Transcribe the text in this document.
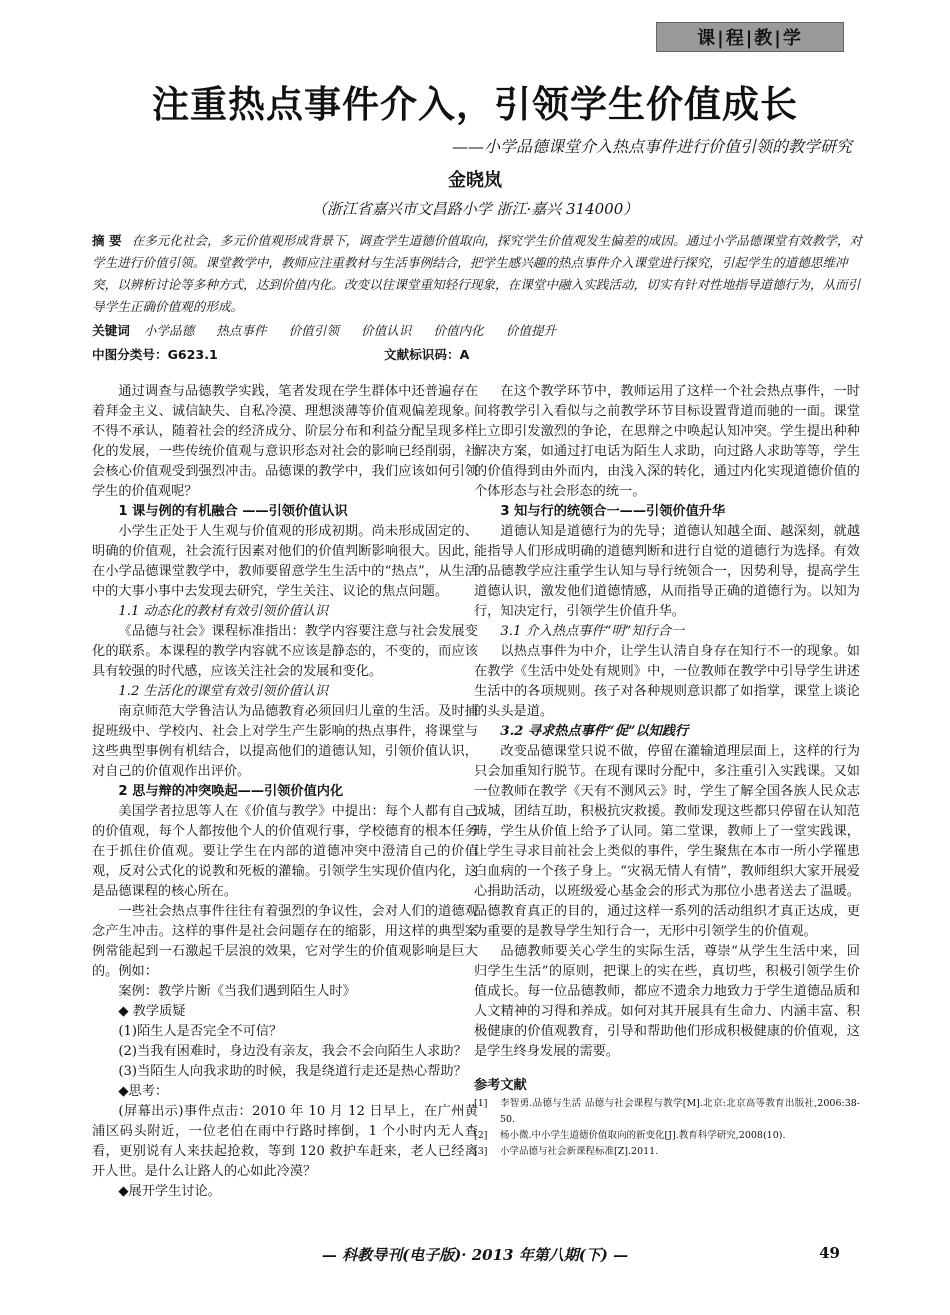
课|程|教|学
注重热点事件介入，引领学生价值成长
——小学品德课堂介入热点事件进行价值引领的教学研究
金晓岚
（浙江省嘉兴市文昌路小学 浙江·嘉兴 314000）
摘 要 在多元化社会，多元价值观形成背景下，调查学生道德价值取向，探究学生价值观发生偏差的成因。通过小学品德课堂有效教学，对学生进行价值引领。课堂教学中，教师应注重教材与生活事例结合，把学生感兴趣的热点事件介入课堂进行探究，引起学生的道德思维冲突，以辨析讨论等多种方式，达到价值内化。改变以往课堂重知轻行现象，在课堂中融入实践活动，切实有针对性地指导道德行为，从而引导学生正确价值观的形成。
关键词 小学品德 热点事件 价值引领 价值认识 价值内化 价值提升
中图分类号：G623.1	文献标识码：A

通过调查与品德教学实践，笔者发现在学生群体中还普遍存在着拜金主义、诚信缺失、自私冷漠、理想淡薄等价值观偏差现象。不得不承认，随着社会的经济成分、阶层分布和利益分配呈现多样化的发展，一些传统价值观与意识形态对社会的影响已经削弱，社会核心价值观受到强烈冲击。品德课的教学中，我们应该如何引领学生的价值观呢？

1 课与例的有机融合 ——引领价值认识

小学生正处于人生观与价值观的形成初期。尚未形成固定的、明确的价值观，社会流行因素对他们的价值判断影响很大。因此，在小学品德课堂教学中，教师要留意学生生活中的“热点”，从生活中的大事小事中去发现去研究，学生关注、议论的焦点问题。

1.1 动态化的教材有效引领价值认识

《品德与社会》课程标准指出：教学内容要注意与社会发展变化的联系。本课程的教学内容就不应该是静态的，不变的，而应该具有较强的时代感，应该关注社会的发展和变化。

1.2 生活化的课堂有效引领价值认识

南京师范大学鲁洁认为品德教育必须回归儿童的生活。及时捕捉班级中、学校内、社会上对学生产生影响的热点事件，将课堂与这些典型事例有机结合，以提高他们的道德认知，引领价值认识，对自己的价值观作出评价。

2 思与辩的冲突唤起——引领价值内化

美国学者拉思等人在《价值与教学》中提出：每个人都有自己的价值观，每个人都按他个人的价值观行事，学校德育的根本任务在于抓住价值观。要让学生在内部的道德冲突中澄清自己的价值观，反对公式化的说教和死板的灌输。引领学生实现价值内化，这是品德课程的核心所在。

一些社会热点事件往往有着强烈的争议性，会对人们的道德观念产生冲击。这样的事件是社会问题存在的缩影，用这样的典型案例常能起到一石激起千层浪的效果，它对学生的价值观影响是巨大的。例如：

案例：教学片断《当我们遇到陌生人时》

◆ 教学质疑

(1)陌生人是否完全不可信？

(2)当我有困难时，身边没有亲友，我会不会向陌生人求助？

(3)当陌生人向我求助的时候，我是绕道行走还是热心帮助？

◆思考：

(屏幕出示)事件点击：2010 年 10 月 12 日早上，在广州黄浦区码头附近，一位老伯在雨中行路时摔倒，1 个小时内无人查看，更别说有人来扶起抢救，等到 120 救护车赶来，老人已经离开人世。是什么让路人的心如此冷漠？

◆展开学生讨论。

在这个教学环节中，教师运用了这样一个社会热点事件，一时间将教学引入看似与之前教学环节目标设置背道而驰的一面。课堂上立即引发激烈的争论，在思辩之中唤起认知冲突。学生提出种种解决方案，如通过打电话为陌生人求助，向过路人求助等等，学生的价值得到由外而内，由浅入深的转化，通过内化实现道德价值的个体形态与社会形态的统一。

3 知与行的统领合一——引领价值升华

道德认知是道德行为的先导；道德认知越全面、越深刻，就越能指导人们形成明确的道德判断和进行自觉的道德行为选择。有效的品德教学应注重学生认知与导行统领合一，因势利导，提高学生道德认识，激发他们道德情感，从而指导正确的道德行为。以知为行，知决定行，引领学生价值升华。

3.1 介入热点事件“明”知行合一

以热点事件为中介，让学生认清自身存在知行不一的现象。如在教学《生活中处处有规则》中，一位教师在教学中引导学生讲述生活中的各项规则。孩子对各种规则意识都了如指掌，课堂上谈论的头头是道。

3.2 寻求热点事件“促”以知践行

改变品德课堂只说不做，停留在灌输道理层面上，这样的行为只会加重知行脱节。在现有课时分配中，多注重引入实践课。又如一位教师在教学《天有不测风云》时，学生了解全国各族人民众志成城，团结互助，积极抗灾救援。教师发现这些都只停留在认知范畴，学生从价值上给予了认同。第二堂课，教师上了一堂实践课，让学生寻求目前社会上类似的事件，学生聚焦在本市一所小学罹患白血病的一个孩子身上。“灾祸无情人有情”，教师组织大家开展爱心捐助活动，以班级爱心基金会的形式为那位小患者送去了温暖。品德教育真正的目的，通过这样一系列的活动组织才真正达成，更为重要的是教导学生知行合一，无形中引领学生的价值观。

品德教师要关心学生的实际生活，尊崇“从学生生活中来，回归学生生活”的原则，把课上的实在些，真切些，积极引领学生价值成长。每一位品德教师，都应不遗余力地致力于学生道德品质和人文精神的习得和养成。如何对其开展具有生命力、内涵丰富、积极健康的价值观教育，引导和帮助他们形成积极健康的价值观，这是学生终身发展的需要。

参考文献

[1] 李智勇.品德与生活 品德与社会课程与教学[M].北京:北京高等教育出版社,2006:38-50.

[2] 杨小微.中小学生道德价值取向的新变化[J].教育科学研究,2008(10).

[3] 小学品德与社会新课程标准[Z].2011.

— 科教导刊(电子版)· 2013 年第八期(下) —	49
